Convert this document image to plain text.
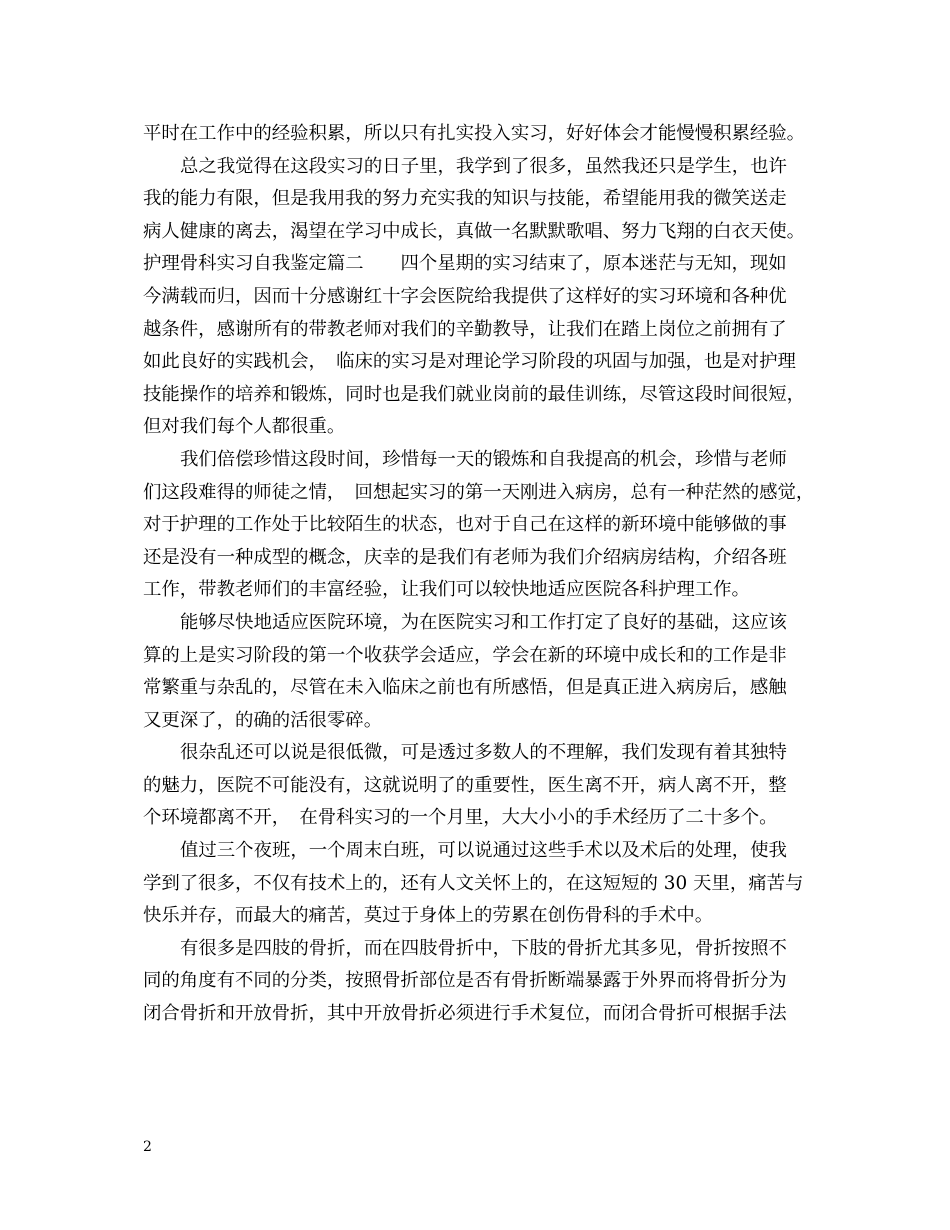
平时在工作中的经验积累，所以只有扎实投入实习，好好体会才能慢慢积累经验。
总之我觉得在这段实习的日子里，我学到了很多，虽然我还只是学生，也许
我的能力有限，但是我用我的努力充实我的知识与技能，希望能用我的微笑送走
病人健康的离去，渴望在学习中成长，真做一名默默歌唱、努力飞翔的白衣天使。
护理骨科实习自我鉴定篇二　　四个星期的实习结束了，原本迷茫与无知，现如
今满载而归，因而十分感谢红十字会医院给我提供了这样好的实习环境和各种优
越条件，感谢所有的带教老师对我们的辛勤教导，让我们在踏上岗位之前拥有了
如此良好的实践机会，　临床的实习是对理论学习阶段的巩固与加强，也是对护理
技能操作的培养和锻炼，同时也是我们就业岗前的最佳训练，尽管这段时间很短，
但对我们每个人都很重。
我们倍偿珍惜这段时间，珍惜每一天的锻炼和自我提高的机会，珍惜与老师
们这段难得的师徒之情，　回想起实习的第一天刚进入病房，总有一种茫然的感觉，
对于护理的工作处于比较陌生的状态，也对于自己在这样的新环境中能够做的事
还是没有一种成型的概念，庆幸的是我们有老师为我们介绍病房结构，介绍各班
工作，带教老师们的丰富经验，让我们可以较快地适应医院各科护理工作。
能够尽快地适应医院环境，为在医院实习和工作打定了良好的基础，这应该
算的上是实习阶段的第一个收获学会适应，学会在新的环境中成长和的工作是非
常繁重与杂乱的，尽管在未入临床之前也有所感悟，但是真正进入病房后，感触
又更深了，的确的活很零碎。
很杂乱还可以说是很低微，可是透过多数人的不理解，我们发现有着其独特
的魅力，医院不可能没有，这就说明了的重要性，医生离不开，病人离不开，整
个环境都离不开，　在骨科实习的一个月里，大大小小的手术经历了二十多个。
值过三个夜班，一个周末白班，可以说通过这些手术以及术后的处理，使我
学到了很多，不仅有技术上的，还有人文关怀上的，在这短短的 30 天里，痛苦与
快乐并存，而最大的痛苦，莫过于身体上的劳累在创伤骨科的手术中。
有很多是四肢的骨折，而在四肢骨折中，下肢的骨折尤其多见，骨折按照不
同的角度有不同的分类，按照骨折部位是否有骨折断端暴露于外界而将骨折分为
闭合骨折和开放骨折，其中开放骨折必须进行手术复位，而闭合骨折可根据手法
2
